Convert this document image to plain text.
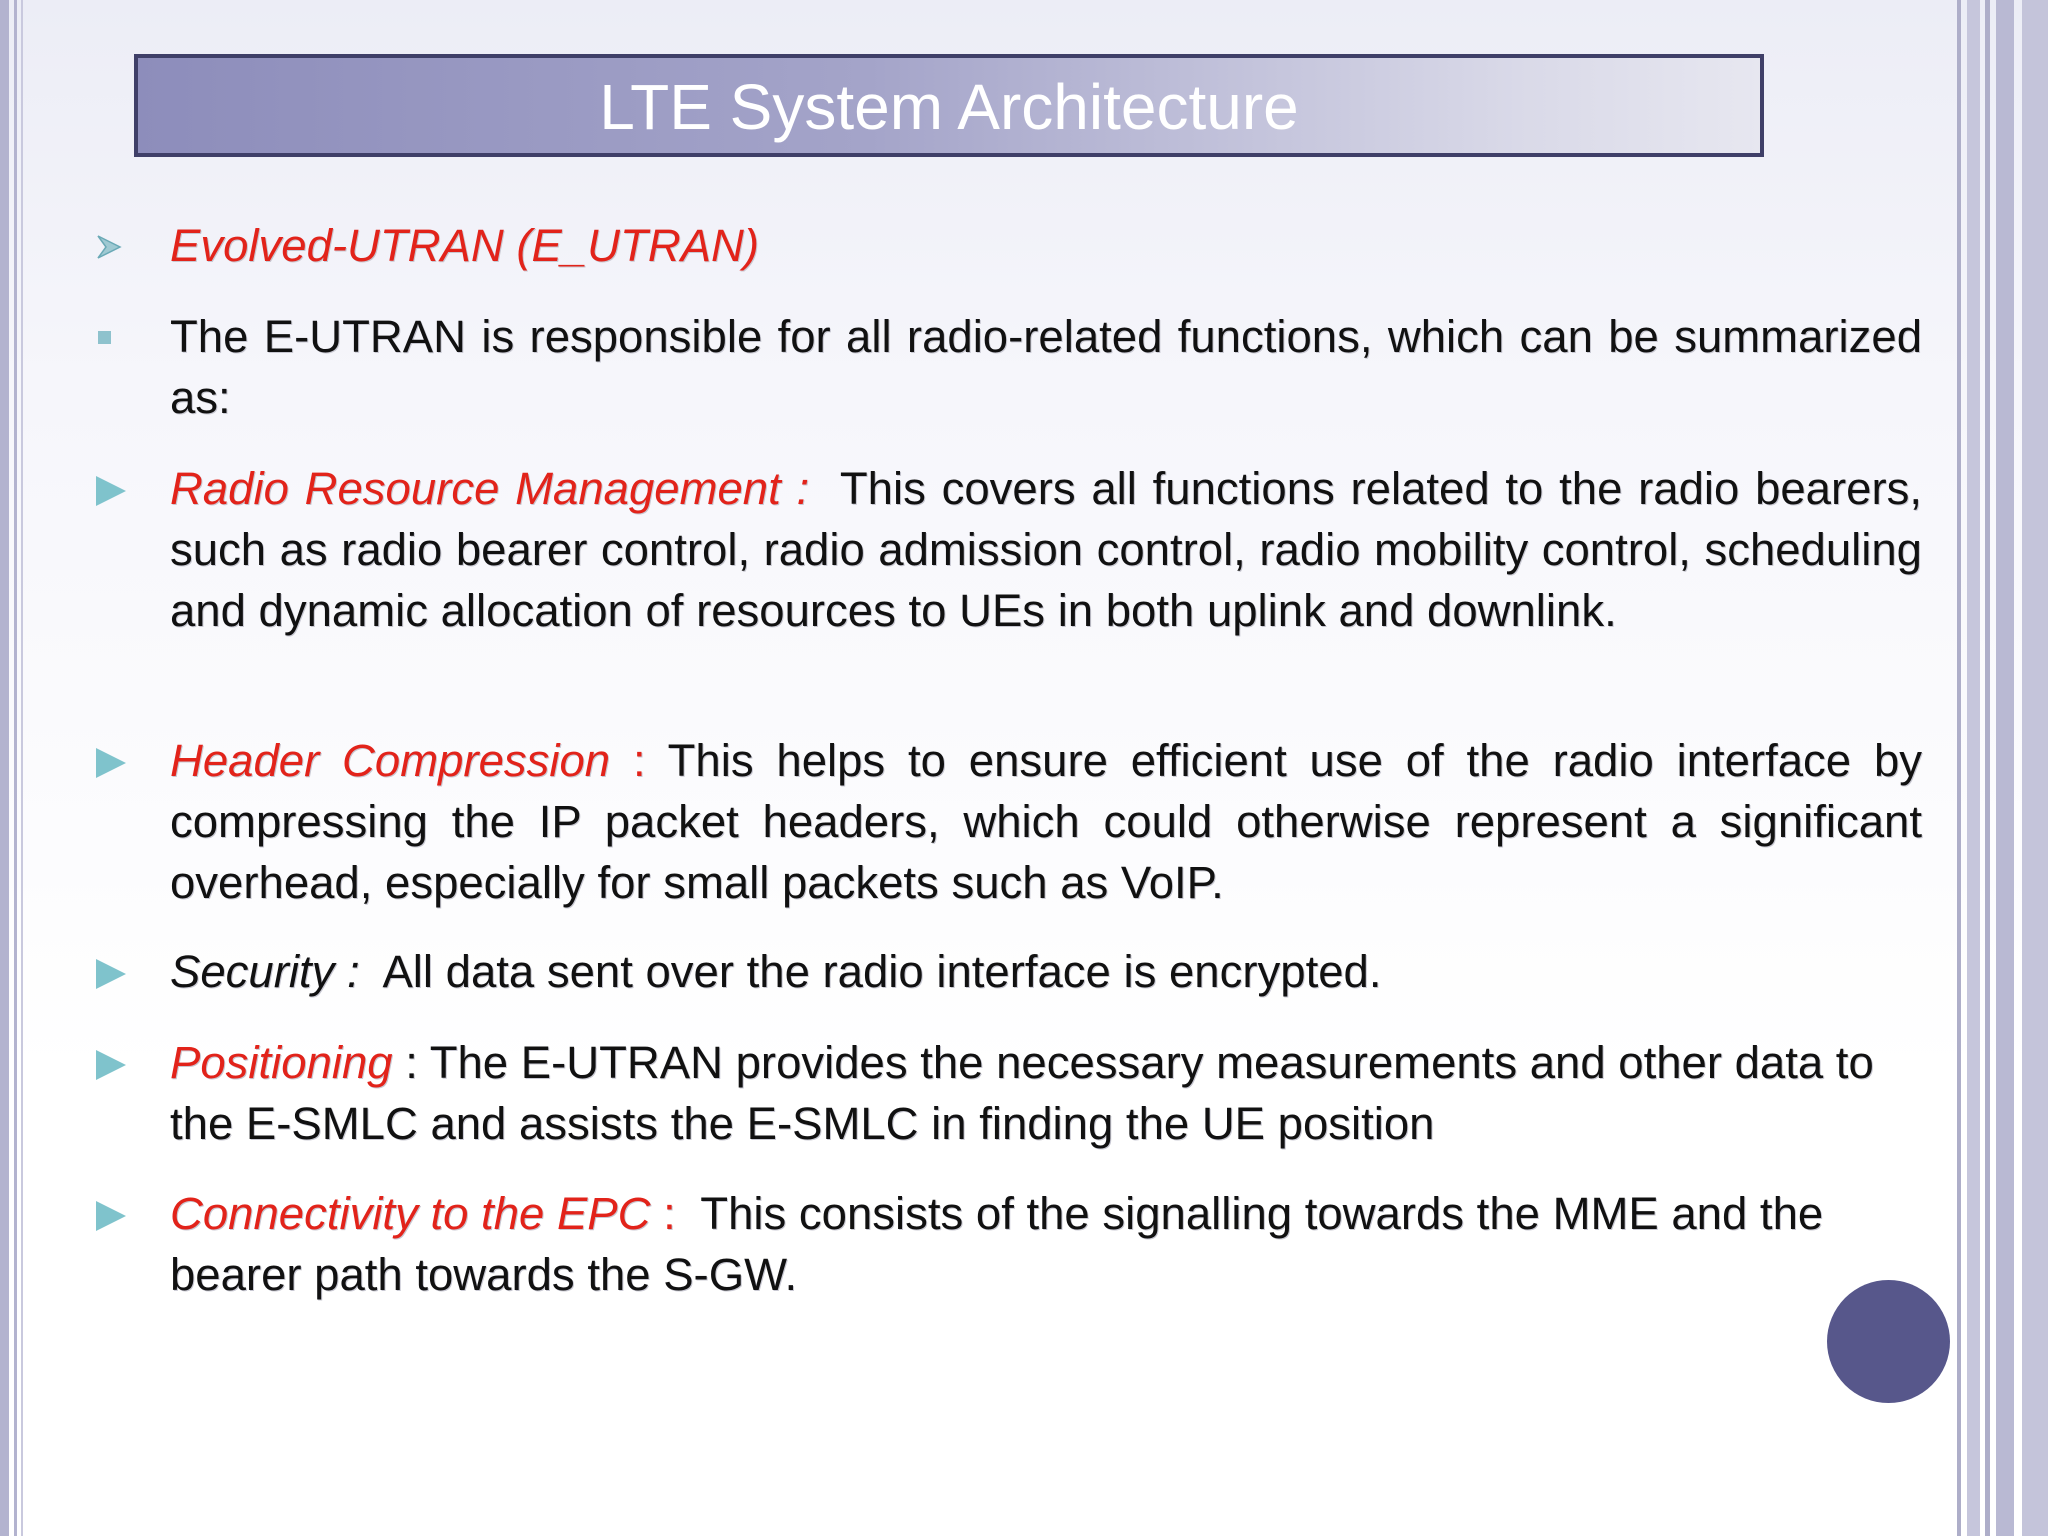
LTE System Architecture
Evolved-UTRAN (E_UTRAN)
The E-UTRAN is responsible for all radio-related functions, which can be summarized as:
Radio Resource Management : This covers all functions related to the radio bearers, such as radio bearer control, radio admission control, radio mobility control, scheduling and dynamic allocation of resources to UEs in both uplink and downlink.
Header Compression : This helps to ensure efficient use of the radio interface by compressing the IP packet headers, which could otherwise represent a significant overhead, especially for small packets such as VoIP.
Security : All data sent over the radio interface is encrypted.
Positioning : The E-UTRAN provides the necessary measurements and other data to the E-SMLC and assists the E-SMLC in finding the UE position
Connectivity to the EPC : This consists of the signalling towards the MME and the bearer path towards the S-GW.
